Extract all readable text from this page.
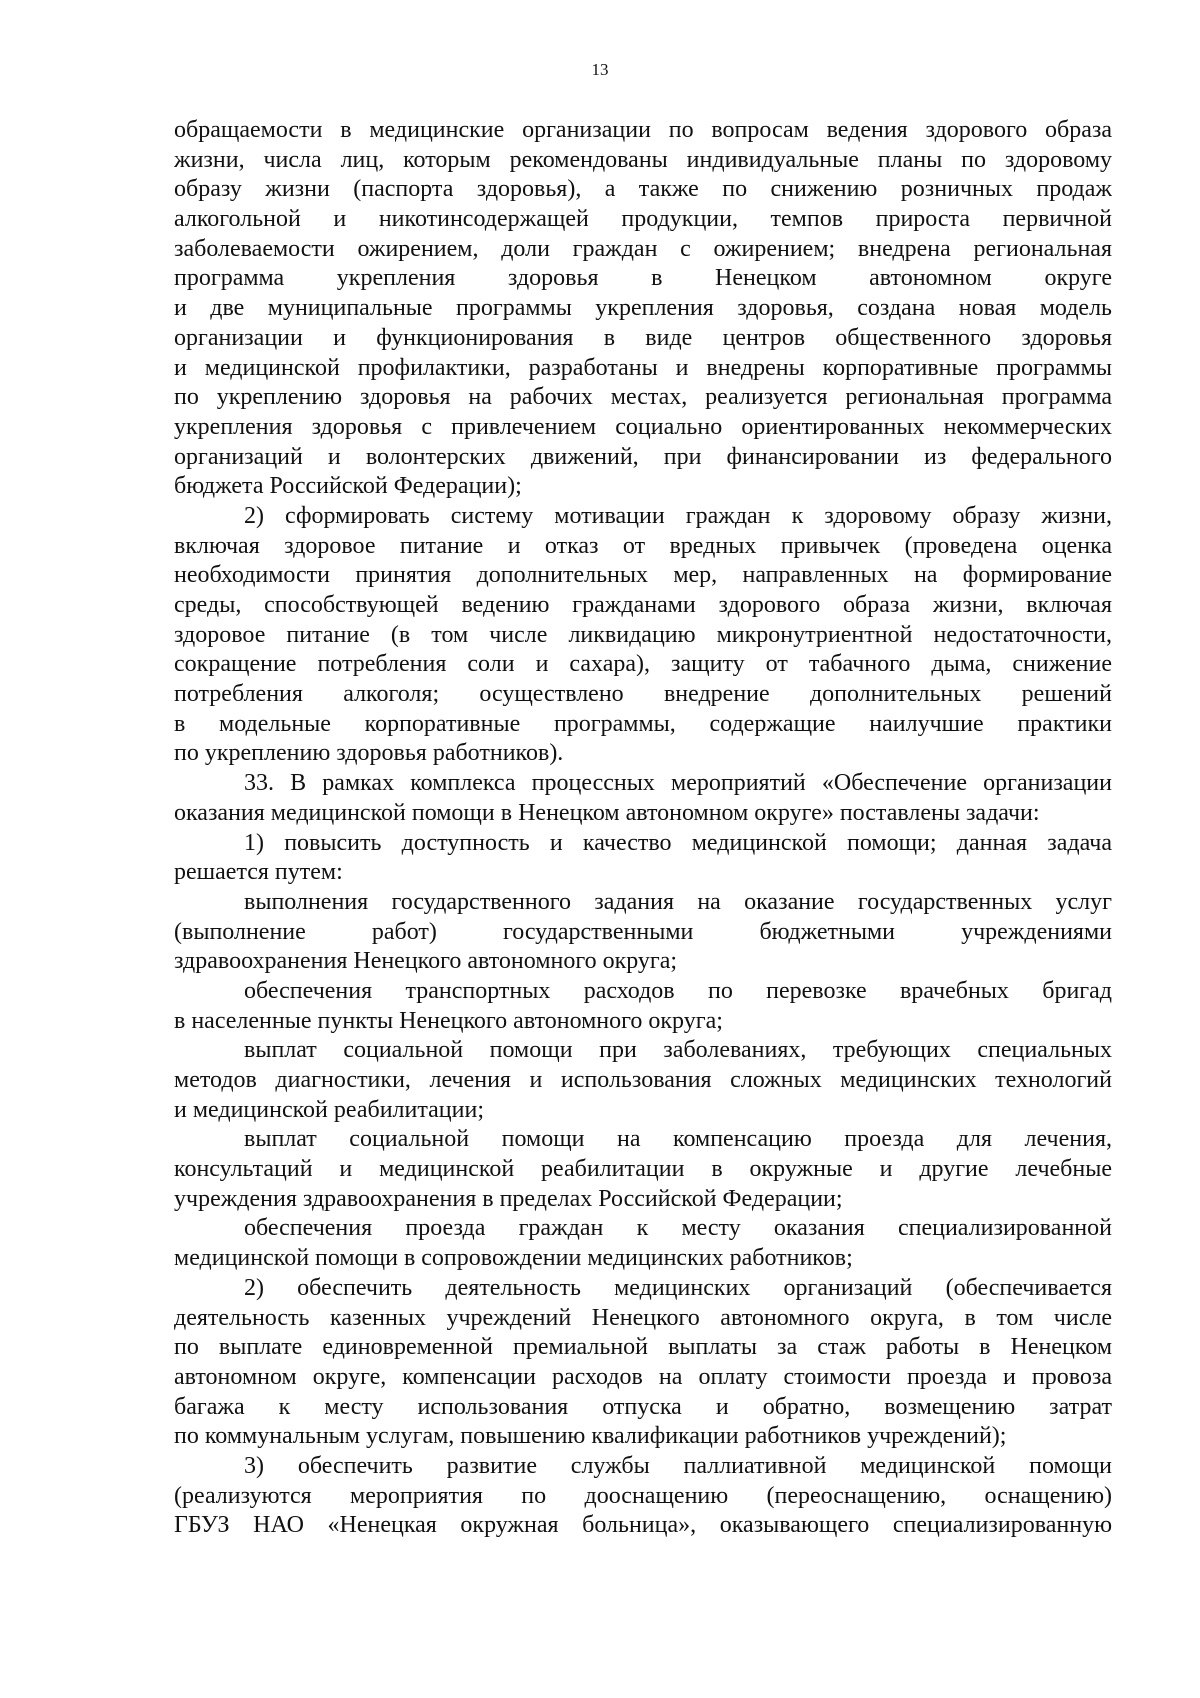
13
обращаемости в медицинские организации по вопросам ведения здорового образа
жизни, числа лиц, которым рекомендованы индивидуальные планы по здоровому
образу жизни (паспорта здоровья), а также по снижению розничных продаж
алкогольной и никотинсодержащей продукции, темпов прироста первичной
заболеваемости ожирением, доли граждан с ожирением; внедрена региональная
программа укрепления здоровья в Ненецком автономном округе
и две муниципальные программы укрепления здоровья, создана новая модель
организации и функционирования в виде центров общественного здоровья
и медицинской профилактики, разработаны и внедрены корпоративные программы
по укреплению здоровья на рабочих местах, реализуется региональная программа
укрепления здоровья с привлечением социально ориентированных некоммерческих
организаций и волонтерских движений, при финансировании из федерального
бюджета Российской Федерации);
2) сформировать систему мотивации граждан к здоровому образу жизни,
включая здоровое питание и отказ от вредных привычек (проведена оценка
необходимости принятия дополнительных мер, направленных на формирование
среды, способствующей ведению гражданами здорового образа жизни, включая
здоровое питание (в том числе ликвидацию микронутриентной недостаточности,
сокращение потребления соли и сахара), защиту от табачного дыма, снижение
потребления алкоголя; осуществлено внедрение дополнительных решений
в модельные корпоративные программы, содержащие наилучшие практики
по укреплению здоровья работников).
33. В рамках комплекса процессных мероприятий «Обеспечение организации
оказания медицинской помощи в Ненецком автономном округе» поставлены задачи:
1) повысить доступность и качество медицинской помощи; данная задача
решается путем:
выполнения государственного задания на оказание государственных услуг
(выполнение работ) государственными бюджетными учреждениями
здравоохранения Ненецкого автономного округа;
обеспечения транспортных расходов по перевозке врачебных бригад
в населенные пункты Ненецкого автономного округа;
выплат социальной помощи при заболеваниях, требующих специальных
методов диагностики, лечения и использования сложных медицинских технологий
и медицинской реабилитации;
выплат социальной помощи на компенсацию проезда для лечения,
консультаций и медицинской реабилитации в окружные и другие лечебные
учреждения здравоохранения в пределах Российской Федерации;
обеспечения проезда граждан к месту оказания специализированной
медицинской помощи в сопровождении медицинских работников;
2) обеспечить деятельность медицинских организаций (обеспечивается
деятельность казенных учреждений Ненецкого автономного округа, в том числе
по выплате единовременной премиальной выплаты за стаж работы в Ненецком
автономном округе, компенсации расходов на оплату стоимости проезда и провоза
багажа к месту использования отпуска и обратно, возмещению затрат
по коммунальным услугам, повышению квалификации работников учреждений);
3) обеспечить развитие службы паллиативной медицинской помощи
(реализуются мероприятия по дооснащению (переоснащению, оснащению)
ГБУЗ НАО «Ненецкая окружная больница», оказывающего специализированную
